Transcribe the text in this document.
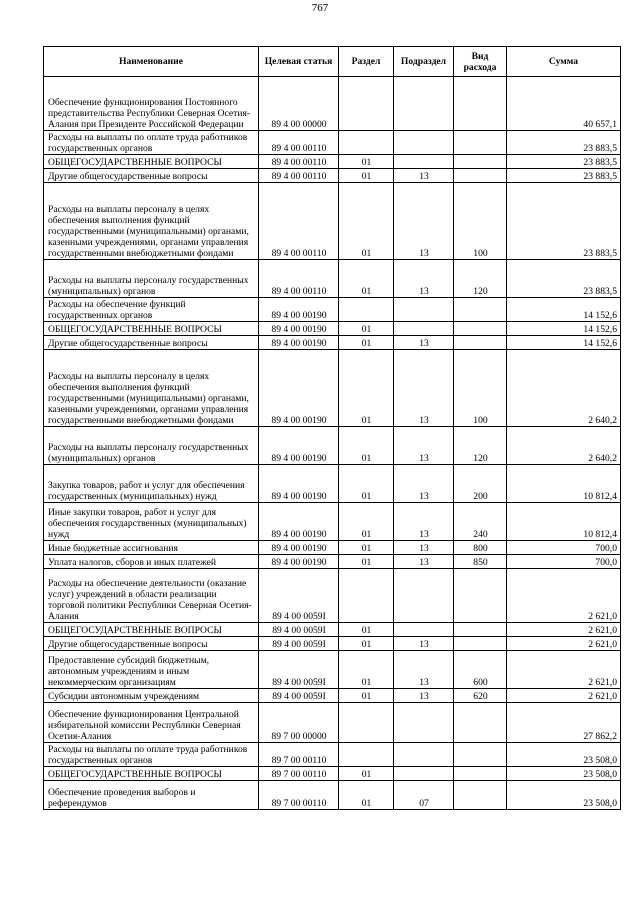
767
Наименование	Целевая статья	Раздел	Подраздел	Вид расхода	Сумма
Обеспечение функционирования Постоянного представительства Республики Северная Осетия-Алания при Президенте Российской Федерации	89 4 00 00000				40 657,1
Расходы на выплаты по оплате труда работников государственных органов	89 4 00 00110				23 883,5
ОБЩЕГОСУДАРСТВЕННЫЕ ВОПРОСЫ	89 4 00 00110	01			23 883,5
Другие общегосударственные вопросы	89 4 00 00110	01	13		23 883,5
Расходы на выплаты персоналу в целях обеспечения выполнения функций государственными (муниципальными) органами, казенными учреждениями, органами управления государственными внебюджетными фондами	89 4 00 00110	01	13	100	23 883,5
Расходы на выплаты персоналу государственных (муниципальных) органов	89 4 00 00110	01	13	120	23 883,5
Расходы на обеспечение функций государственных органов	89 4 00 00190				14 152,6
ОБЩЕГОСУДАРСТВЕННЫЕ ВОПРОСЫ	89 4 00 00190	01			14 152,6
Другие общегосударственные вопросы	89 4 00 00190	01	13		14 152,6
Расходы на выплаты персоналу в целях обеспечения выполнения функций государственными (муниципальными) органами, казенными учреждениями, органами управления государственными внебюджетными фондами	89 4 00 00190	01	13	100	2 640,2
Расходы на выплаты персоналу государственных (муниципальных) органов	89 4 00 00190	01	13	120	2 640,2
Закупка товаров, работ и услуг для обеспечения государственных (муниципальных) нужд	89 4 00 00190	01	13	200	10 812,4
Иные закупки товаров, работ и услуг для обеспечения государственных (муниципальных) нужд	89 4 00 00190	01	13	240	10 812,4
Иные бюджетные ассигнования	89 4 00 00190	01	13	800	700,0
Уплата налогов, сборов и иных платежей	89 4 00 00190	01	13	850	700,0
Расходы на обеспечение деятельности (оказание услуг) учреждений в области реализации торговой политики Республики Северная Осетия-Алания	89 4 00 0059I				2 621,0
ОБЩЕГОСУДАРСТВЕННЫЕ ВОПРОСЫ	89 4 00 0059I	01			2 621,0
Другие общегосударственные вопросы	89 4 00 0059I	01	13		2 621,0
Предоставление субсидий бюджетным, автономным учреждениям и иным некоммерческим организациям	89 4 00 0059I	01	13	600	2 621,0
Субсидии автономным учреждениям	89 4 00 0059I	01	13	620	2 621,0
Обеспечение функционирования Центральной избирательной комиссии Республики Северная Осетия-Алания	89 7 00 00000				27 862,2
Расходы на выплаты по оплате труда работников государственных органов	89 7 00 00110				23 508,0
ОБЩЕГОСУДАРСТВЕННЫЕ ВОПРОСЫ	89 7 00 00110	01			23 508,0
Обеспечение проведения выборов и референдумов	89 7 00 00110	01	07		23 508,0
